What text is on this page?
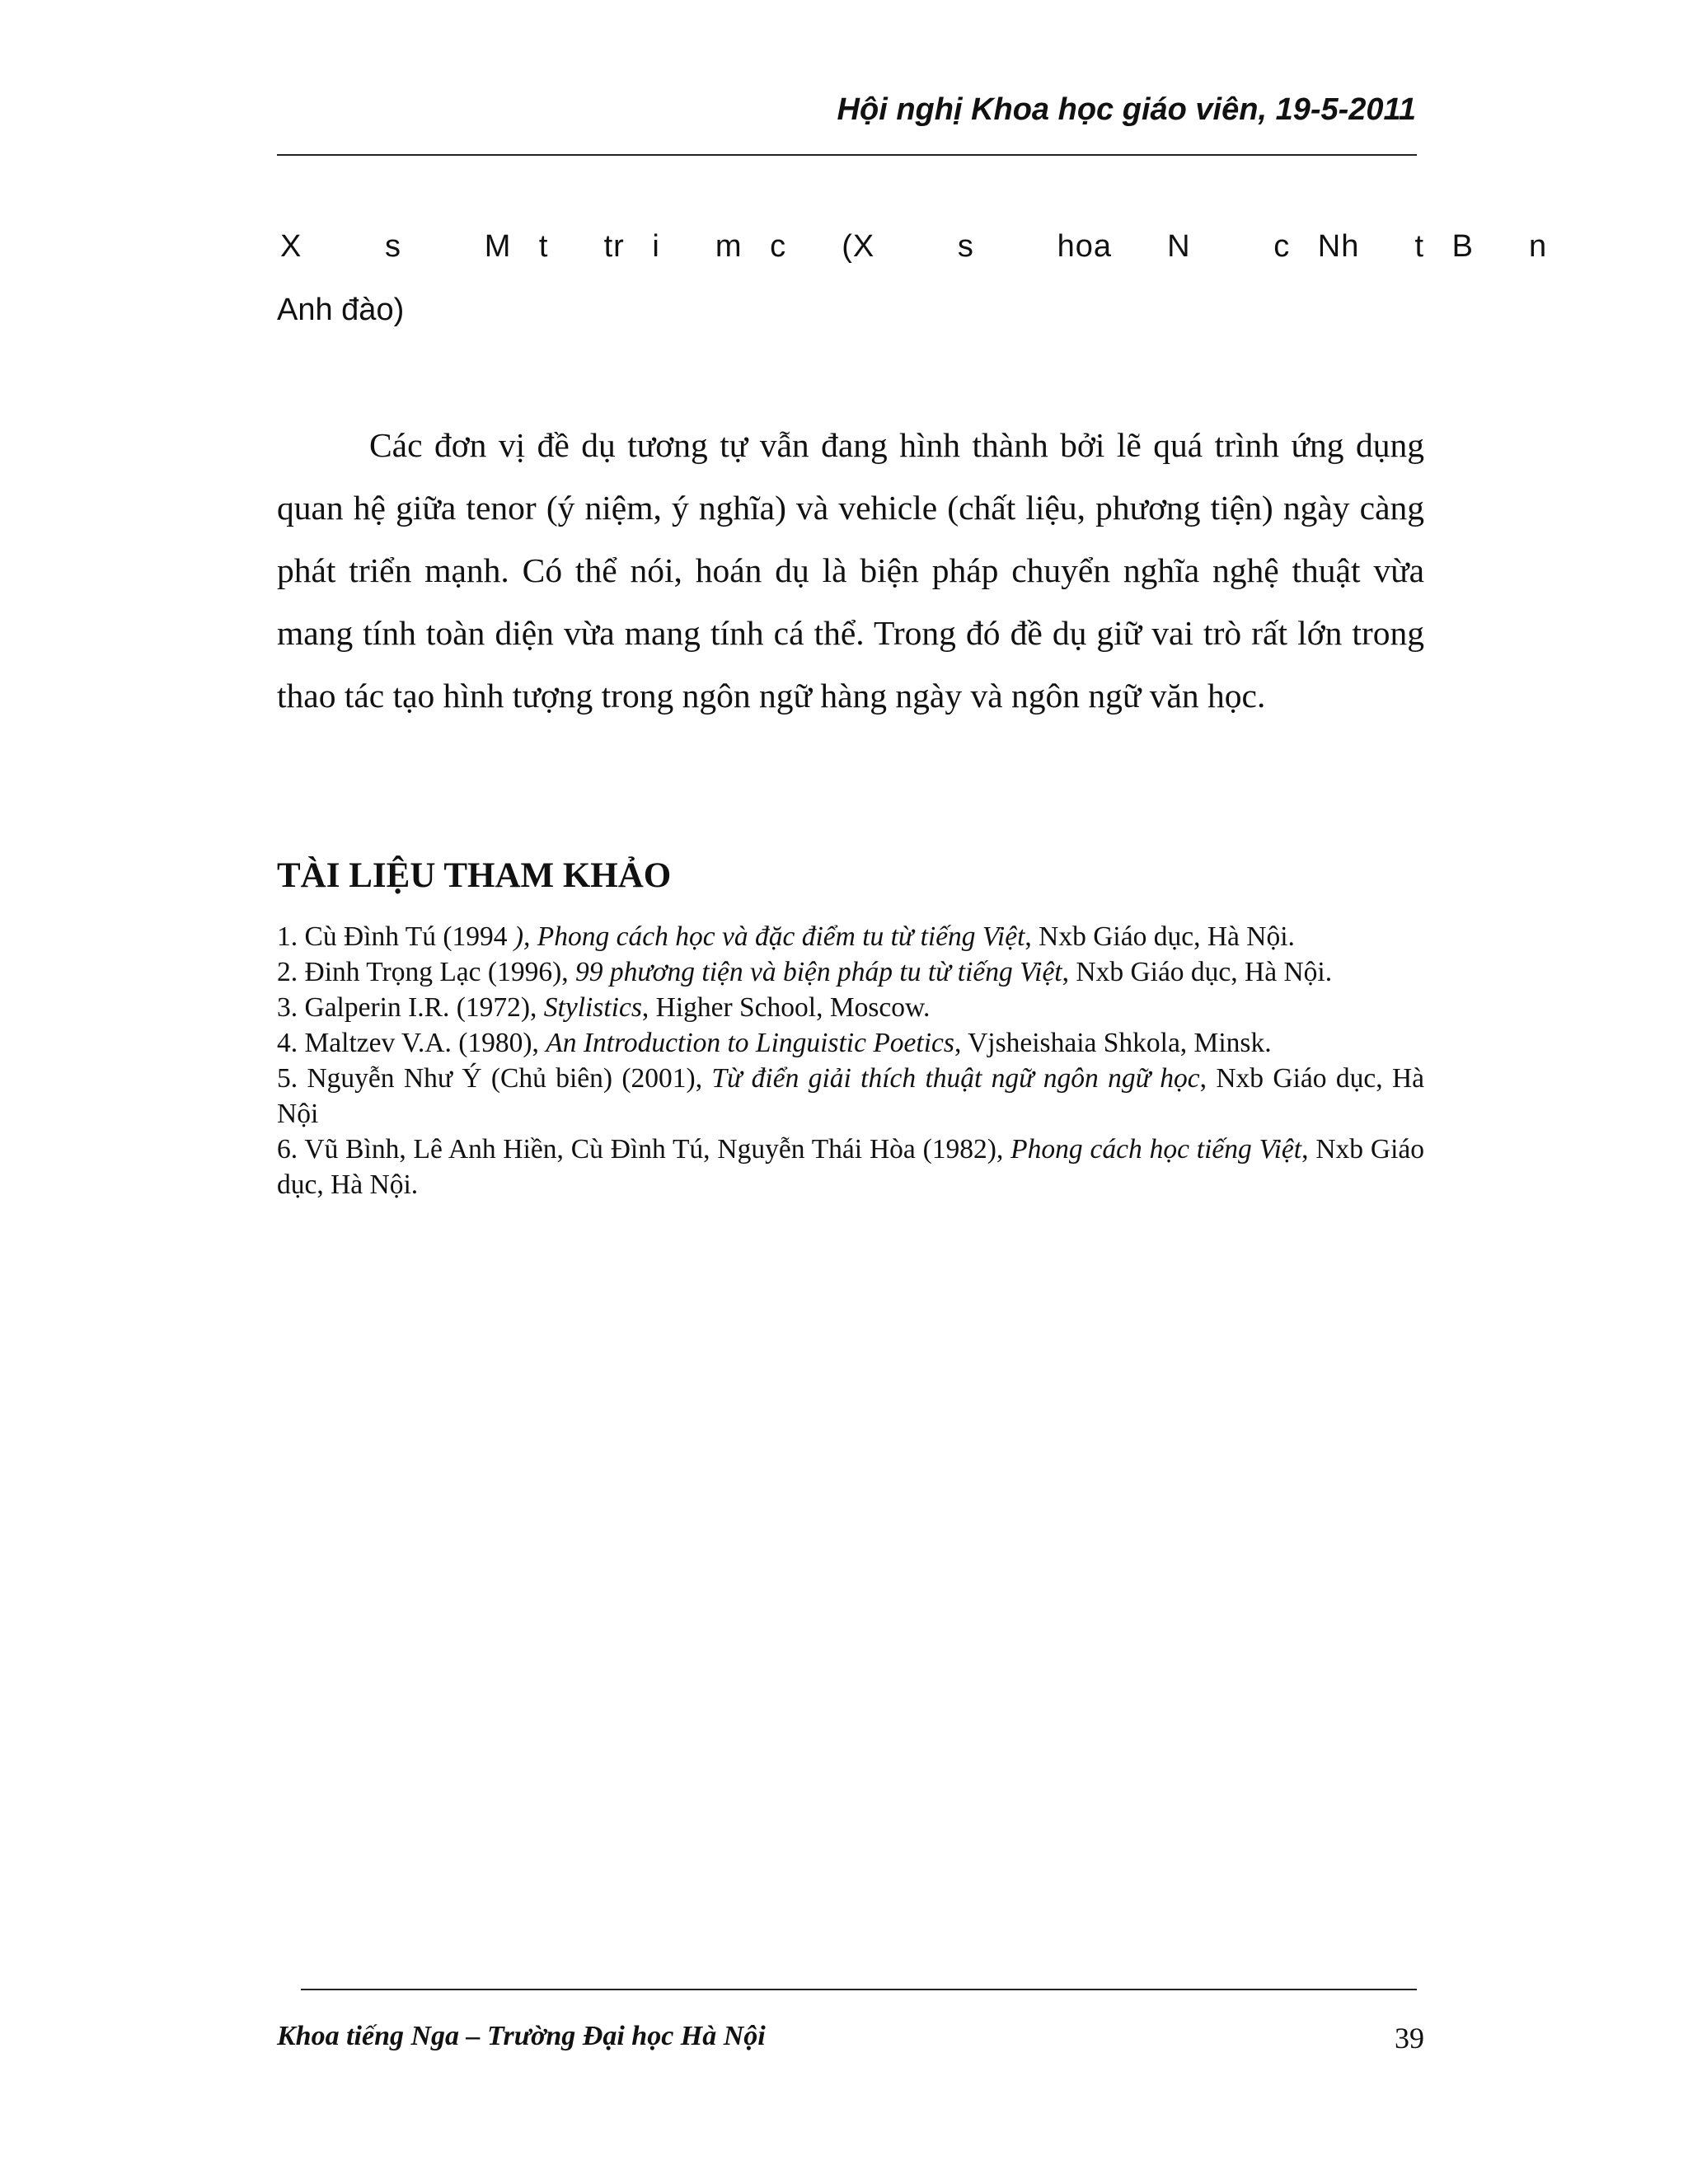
Hội nghị Khoa học giáo viên, 19-5-2011
X   s   M t  tr i  m c  (X   s   hoa  N   c Nh  t B  n
Anh đào)

Các đơn vị đề dụ tương tự vẫn đang hình thành bởi lẽ quá trình ứng dụng quan hệ giữa tenor (ý niệm, ý nghĩa) và vehicle (chất liệu, phương tiện) ngày càng phát triển mạnh. Có thể nói, hoán dụ là biện pháp chuyển nghĩa nghệ thuật vừa mang tính toàn diện vừa mang tính cá thể. Trong đó đề dụ giữ vai trò rất lớn trong thao tác tạo hình tượng trong ngôn ngữ hàng ngày và ngôn ngữ văn học.

TÀI LIỆU THAM KHẢO

1. Cù Đình Tú (1994 ), Phong cách học và đặc điểm tu từ tiếng Việt, Nxb Giáo dục, Hà Nội.

2. Đinh Trọng Lạc (1996), 99 phương tiện và biện pháp tu từ tiếng Việt, Nxb Giáo dục, Hà Nội.

3. Galperin I.R. (1972), Stylistics, Higher School, Moscow.

4. Maltzev V.A. (1980), An Introduction to Linguistic Poetics, Vjsheishaia Shkola, Minsk.

5. Nguyễn Như Ý (Chủ biên) (2001), Từ điển giải thích thuật ngữ ngôn ngữ học, Nxb Giáo dục, Hà Nội

6. Vũ Bình, Lê Anh Hiền, Cù Đình Tú, Nguyễn Thái Hòa (1982), Phong cách học tiếng Việt, Nxb Giáo dục, Hà Nội.

Khoa tiếng Nga – Trường Đại học Hà Nội	39
